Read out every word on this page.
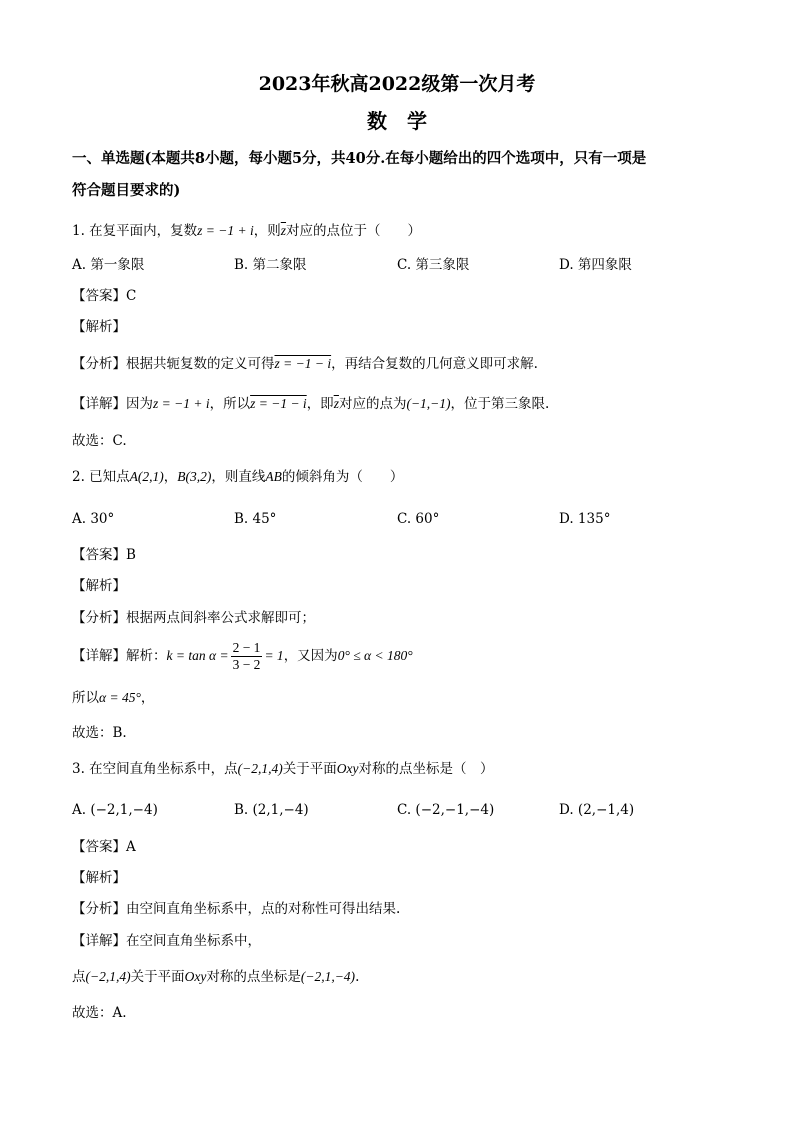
2023年秋高2022级第一次月考
数学
一、单选题(本题共8小题，每小题5分，共40分.在每小题给出的四个选项中，只有一项是
符合题目要求的)
1. 在复平面内，复数z = −1 + i，则$\overline{z}$对应的点位于（　　）
A. 第一象限	B. 第二象限	C. 第三象限	D. 第四象限
【答案】C
【解析】
【分析】根据共轭复数的定义可得z = −1 − i，再结合复数的几何意义即可求解.
【详解】因为z = −1 + i，所以z = −1 − i，即$\overline{z}$对应的点为(−1,−1)，位于第三象限.
故选：C.
2. 已知点A(2,1)，B(3,2)，则直线AB的倾斜角为（　　）
A. 30°	B. 45°	C. 60°	D. 135°
【答案】B
【解析】
【分析】根据两点间斜率公式求解即可；
【详解】解析：$k = \tan \alpha = \frac{2 - 1}{3 - 2} = 1$，又因为0° ≤ α < 180°
所以α = 45°，
故选：B.
3. 在空间直角坐标系中，点(−2,1,4)关于平面Oxy对称的点坐标是（　）
A. (−2,1,−4)	B. (2,1,−4)	C. (−2,−1,−4)	D. (2,−1,4)
【答案】A
【解析】
【分析】由空间直角坐标系中，点的对称性可得出结果.
【详解】在空间直角坐标系中，
点(−2,1,4)关于平面Oxy对称的点坐标是(−2,1,−4).
故选：A.
